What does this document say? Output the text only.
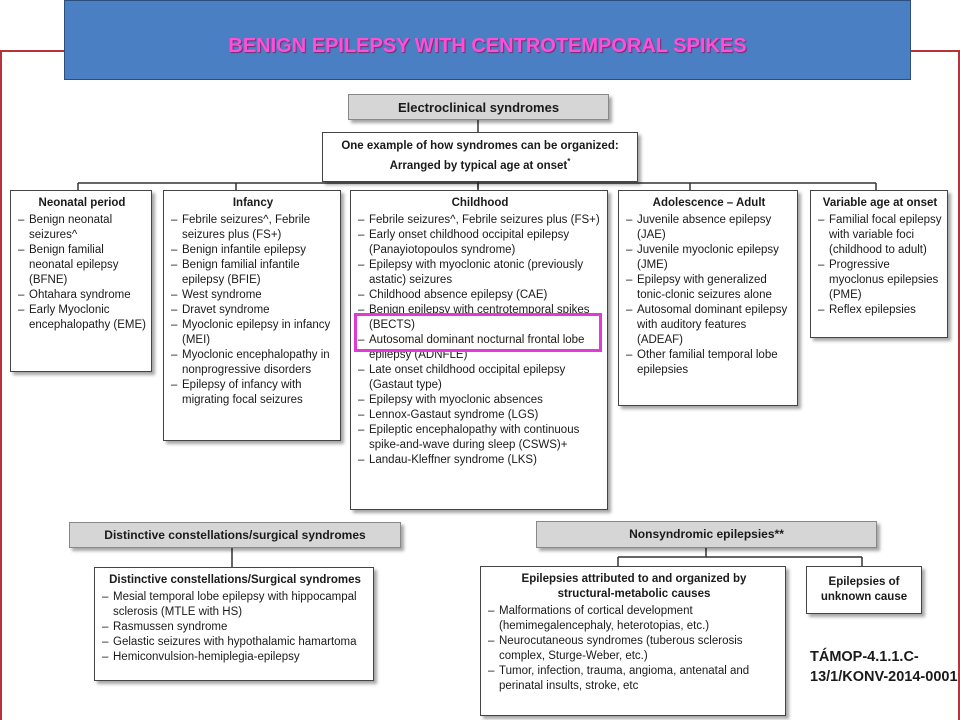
BENIGN EPILEPSY WITH CENTROTEMPORAL SPIKES
Electroclinical syndromes
One example of how syndromes can be organized:
Arranged by typical age at onset*
Neonatal period
– Benign neonatal seizures^
– Benign familial neonatal epilepsy (BFNE)
– Ohtahara syndrome
– Early Myoclonic encephalopathy (EME)
Infancy
– Febrile seizures^, Febrile seizures plus (FS+)
– Benign infantile epilepsy
– Benign familial infantile epilepsy (BFIE)
– West syndrome
– Dravet syndrome
– Myoclonic epilepsy in infancy (MEI)
– Myoclonic encephalopathy in nonprogressive disorders
– Epilepsy of infancy with migrating focal seizures
Childhood
– Febrile seizures^, Febrile seizures plus (FS+)
– Early onset childhood occipital epilepsy (Panayiotopoulos syndrome)
– Epilepsy with myoclonic atonic (previously astatic) seizures
– Childhood absence epilepsy (CAE)
– Benign epilepsy with centrotemporal spikes (BECTS)
– Autosomal dominant nocturnal frontal lobe epilepsy (ADNFLE)
– Late onset childhood occipital epilepsy (Gastaut type)
– Epilepsy with myoclonic absences
– Lennox-Gastaut syndrome (LGS)
– Epileptic encephalopathy with continuous spike-and-wave during sleep (CSWS)+
– Landau-Kleffner syndrome (LKS)
Adolescence – Adult
– Juvenile absence epilepsy (JAE)
– Juvenile myoclonic epilepsy (JME)
– Epilepsy with generalized tonic-clonic seizures alone
– Autosomal dominant epilepsy with auditory features (ADEAF)
– Other familial temporal lobe epilepsies
Variable age at onset
– Familial focal epilepsy with variable foci (childhood to adult)
– Progressive myoclonus epilepsies (PME)
– Reflex epilepsies
Distinctive constellations/surgical syndromes	Nonsyndromic epilepsies**
Distinctive constellations/Surgical syndromes
– Mesial temporal lobe epilepsy with hippocampal sclerosis (MTLE with HS)
– Rasmussen syndrome
– Gelastic seizures with hypothalamic hamartoma
– Hemiconvulsion-hemiplegia-epilepsy
Epilepsies attributed to and organized by structural-metabolic causes
– Malformations of cortical development (hemimegalencephaly, heterotopias, etc.)
– Neurocutaneous syndromes (tuberous sclerosis complex, Sturge-Weber, etc.)
– Tumor, infection, trauma, angioma, antenatal and perinatal insults, stroke, etc
Epilepsies of unknown cause
TÁMOP-4.1.1.C-13/1/KONV-2014-0001
